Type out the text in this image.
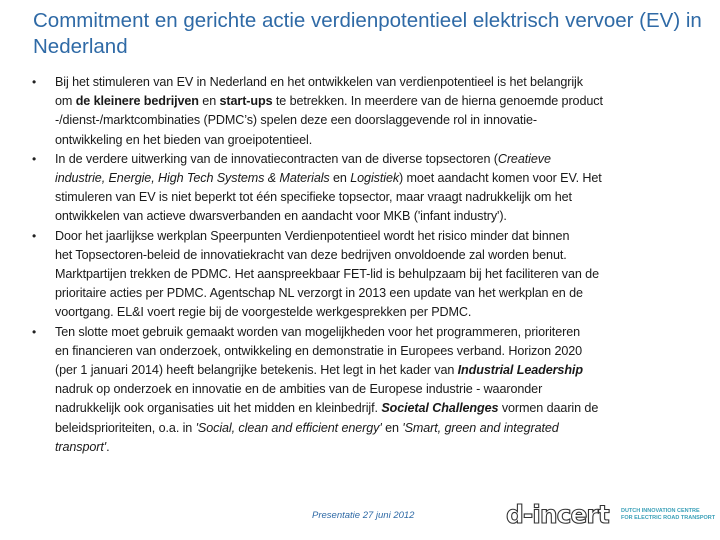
Commitment en gerichte actie verdienpotentieel elektrisch vervoer (EV) in Nederland
• Bij het stimuleren van EV in Nederland en het ontwikkelen van verdienpotentieel is het belangrijk
om de kleinere bedrijven en start-ups te betrekken. In meerdere van de hierna genoemde product
-/dienst-/marktcombinaties (PDMC’s) spelen deze een doorslaggevende rol in innovatie-
ontwikkeling en het bieden van groeipotentieel.
• In de verdere uitwerking van de innovatiecontracten van de diverse topsectoren (Creatieve
industrie, Energie, High Tech Systems & Materials en Logistiek) moet aandacht komen voor EV. Het
stimuleren van EV is niet beperkt tot één specifieke topsector, maar vraagt nadrukkelijk om het
ontwikkelen van actieve dwarsverbanden en aandacht voor MKB ('infant industry').
• Door het jaarlijkse werkplan Speerpunten Verdienpotentieel wordt het risico minder dat binnen
het Topsectoren-beleid de innovatiekracht van deze bedrijven onvoldoende zal worden benut.
Marktpartijen trekken de PDMC. Het aanspreekbaar FET-lid is behulpzaam bij het faciliteren van de
prioritaire acties per PDMC. Agentschap NL verzorgt in 2013 een update van het werkplan en de
voortgang. EL&I voert regie bij de voorgestelde werkgesprekken per PDMC.
• Ten slotte moet gebruik gemaakt worden van mogelijkheden voor het programmeren, prioriteren
en financieren van onderzoek, ontwikkeling en demonstratie in Europees verband. Horizon 2020
(per 1 januari 2014) heeft belangrijke betekenis. Het legt in het kader van Industrial Leadership
nadruk op onderzoek en innovatie en de ambities van de Europese industrie - waaronder
nadrukkelijk ook organisaties uit het midden en kleinbedrijf. Societal Challenges vormen daarin de
beleidsprioriteiten, o.a. in 'Social, clean and efficient energy' en 'Smart, green and integrated
transport'.
Presentatie 27 juni 2012	d-incert DUTCH INNOVATION CENTRE
FOR ELECTRIC ROAD TRANSPORT
